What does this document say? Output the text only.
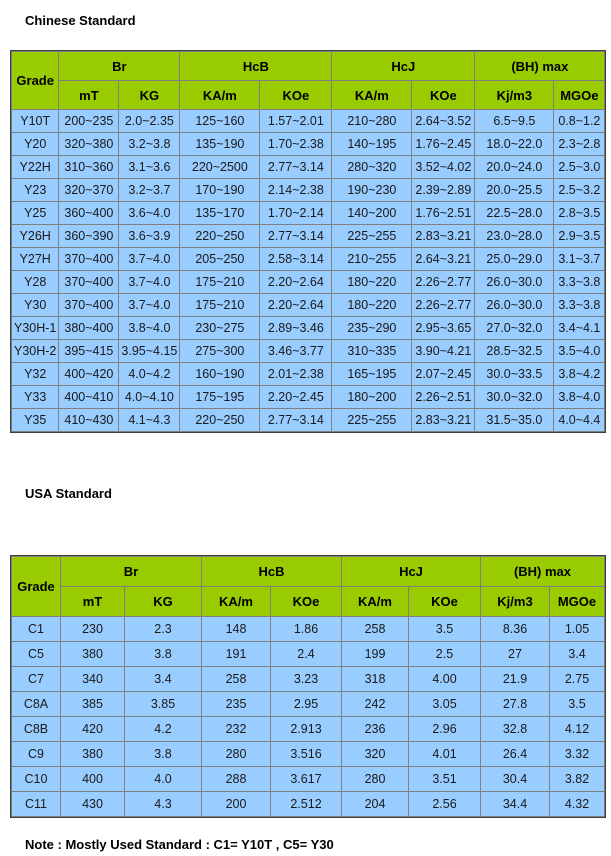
Chinese Standard
Grade	Br		HcB		HcJ		(BH) max	
	mT	KG	KA/m	KOe	KA/m	KOe	Kj/m3	MGOe
Y10T	200~235	2.0~2.35	125~160	1.57~2.01	210~280	2.64~3.52	6.5~9.5	0.8~1.2
Y20	320~380	3.2~3.8	135~190	1.70~2.38	140~195	1.76~2.45	18.0~22.0	2.3~2.8
Y22H	310~360	3.1~3.6	220~2500	2.77~3.14	280~320	3.52~4.02	20.0~24.0	2.5~3.0
Y23	320~370	3.2~3.7	170~190	2.14~2.38	190~230	2.39~2.89	20.0~25.5	2.5~3.2
Y25	360~400	3.6~4.0	135~170	1.70~2.14	140~200	1.76~2.51	22.5~28.0	2.8~3.5
Y26H	360~390	3.6~3.9	220~250	2.77~3.14	225~255	2.83~3.21	23.0~28.0	2.9~3.5
Y27H	370~400	3.7~4.0	205~250	2.58~3.14	210~255	2.64~3.21	25.0~29.0	3.1~3.7
Y28	370~400	3.7~4.0	175~210	2.20~2.64	180~220	2.26~2.77	26.0~30.0	3.3~3.8
Y30	370~400	3.7~4.0	175~210	2.20~2.64	180~220	2.26~2.77	26.0~30.0	3.3~3.8
Y30H-1	380~400	3.8~4.0	230~275	2.89~3.46	235~290	2.95~3.65	27.0~32.0	3.4~4.1
Y30H-2	395~415	3.95~4.15	275~300	3.46~3.77	310~335	3.90~4.21	28.5~32.5	3.5~4.0
Y32	400~420	4.0~4.2	160~190	2.01~2.38	165~195	2.07~2.45	30.0~33.5	3.8~4.2
Y33	400~410	4.0~4.10	175~195	2.20~2.45	180~200	2.26~2.51	30.0~32.0	3.8~4.0
Y35	410~430	4.1~4.3	220~250	2.77~3.14	225~255	2.83~3.21	31.5~35.0	4.0~4.4
USA Standard
Grade	Br		HcB		HcJ		(BH) max	
	mT	KG	KA/m	KOe	KA/m	KOe	Kj/m3	MGOe
C1	230	2.3	148	1.86	258	3.5	8.36	1.05
C5	380	3.8	191	2.4	199	2.5	27	3.4
C7	340	3.4	258	3.23	318	4.00	21.9	2.75
C8A	385	3.85	235	2.95	242	3.05	27.8	3.5
C8B	420	4.2	232	2.913	236	2.96	32.8	4.12
C9	380	3.8	280	3.516	320	4.01	26.4	3.32
C10	400	4.0	288	3.617	280	3.51	30.4	3.82
C11	430	4.3	200	2.512	204	2.56	34.4	4.32
Note : Mostly Used Standard : C1= Y10T , C5= Y30
